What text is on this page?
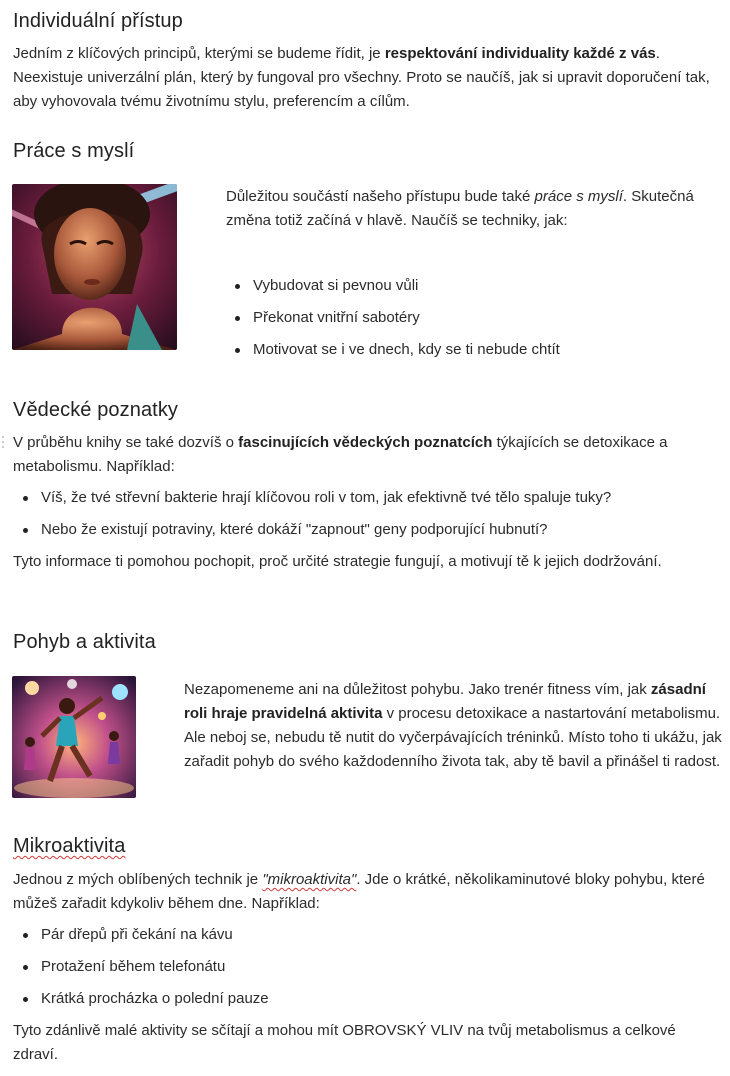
Individuální přístup

Jedním z klíčových principů, kterými se budeme řídit, je respektování individuality každé z vás. Neexistuje univerzální plán, který by fungoval pro všechny. Proto se naučíš, jak si upravit doporučení tak, aby vyhovovala tvému životnímu stylu, preferencím a cílům.

Práce s myslí

Důležitou součástí našeho přístupu bude také práce s myslí. Skutečná změna totiž začíná v hlavě. Naučíš se techniky, jak:

Vybudovat si pevnou vůli
Překonat vnitřní sabotéry
Motivovat se i ve dnech, kdy se ti nebude chtít
Vědecké poznatky

V průběhu knihy se také dozvíš o fascinujících vědeckých poznatcích týkajících se detoxikace a metabolismu. Například:

Víš, že tvé střevní bakterie hrají klíčovou roli v tom, jak efektivně tvé tělo spaluje tuky?
Nebo že existují potraviny, které dokáží "zapnout" geny podporující hubnutí?

Tyto informace ti pomohou pochopit, proč určité strategie fungují, a motivují tě k jejich dodržování.

Pohyb a aktivita

Nezapomeneme ani na důležitost pohybu. Jako trenér fitness vím, jak zásadní roli hraje pravidelná aktivita v procesu detoxikace a nastartování metabolismu. Ale neboj se, nebudu tě nutit do vyčerpávajících tréninků. Místo toho ti ukážu, jak zařadit pohyb do svého každodenního života tak, aby tě bavil a přinášel ti radost.

Mikroaktivita

Jednou z mých oblíbených technik je "mikroaktivita". Jde o krátké, několikaminutové bloky pohybu, které můžeš zařadit kdykoliv během dne. Například:

Pár dřepů při čekání na kávu
Protažení během telefonátu
Krátká procházka o polední pauze

Tyto zdánlivě malé aktivity se sčítají a mohou mít OBROVSKÝ VLIV na tvůj metabolismus a celkové zdraví.
